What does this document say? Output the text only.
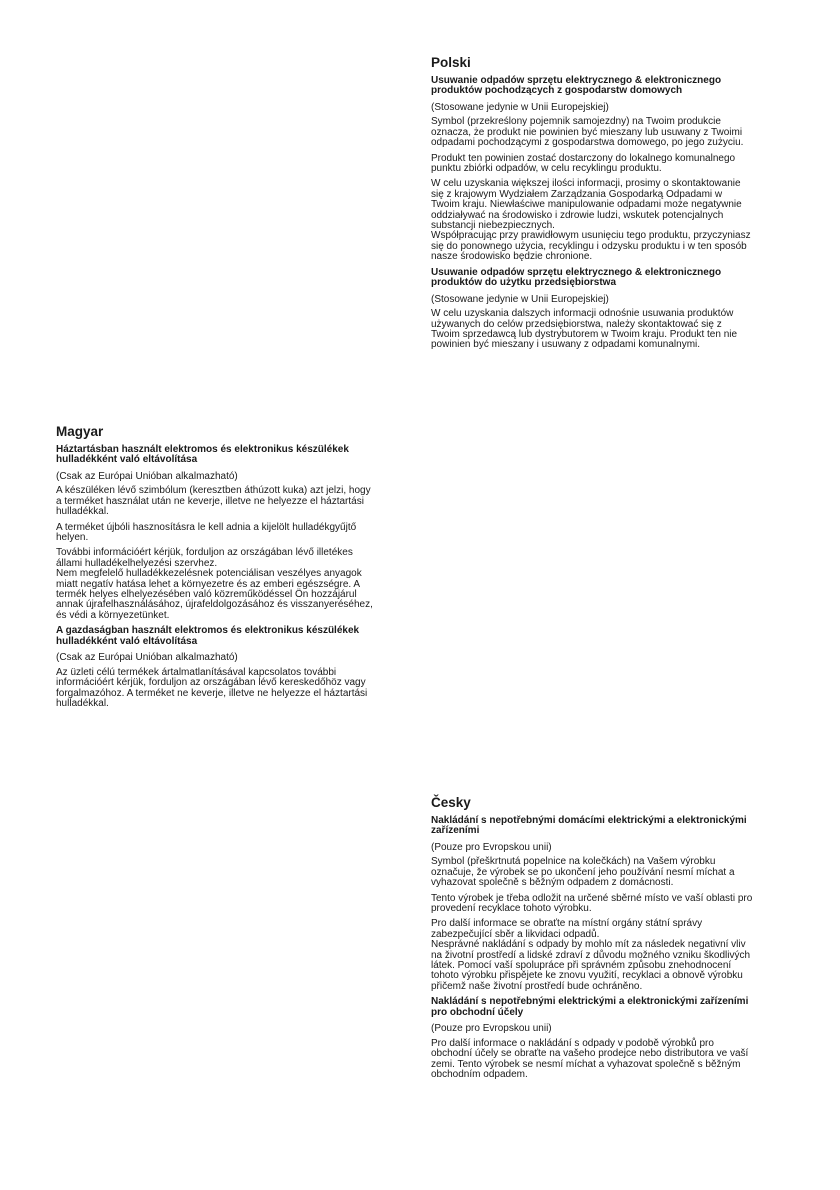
Polski

Usuwanie odpadów sprzętu elektrycznego & elektronicznego
produktów pochodzących z gospodarstw domowych

(Stosowane jedynie w Unii Europejskiej)

Symbol (przekreślony pojemnik samojezdny) na Twoim produkcie
oznacza, że produkt nie powinien być mieszany lub usuwany z Twoimi
odpadami pochodzącymi z gospodarstwa domowego, po jego zużyciu.

Produkt ten powinien zostać dostarczony do lokalnego komunalnego
punktu zbiórki odpadów, w celu recyklingu produktu.

W celu uzyskania większej ilości informacji, prosimy o skontaktowanie
się z krajowym Wydziałem Zarządzania Gospodarką Odpadami w
Twoim kraju. Niewłaściwe manipulowanie odpadami może negatywnie
oddziaływać na środowisko i zdrowie ludzi, wskutek potencjalnych
substancji niebezpiecznych.
Współpracując przy prawidłowym usunięciu tego produktu, przyczyniasz
się do ponownego użycia, recyklingu i odzysku produktu i w ten sposób
nasze środowisko będzie chronione.

Usuwanie odpadów sprzętu elektrycznego & elektronicznego
produktów do użytku przedsiębiorstwa

(Stosowane jedynie w Unii Europejskiej)

W celu uzyskania dalszych informacji odnośnie usuwania produktów
używanych do celów przedsiębiorstwa, należy skontaktować się z
Twoim sprzedawcą lub dystrybutorem w Twoim kraju. Produkt ten nie
powinien być mieszany i usuwany z odpadami komunalnymi.

Magyar

Háztartásban használt elektromos és elektronikus készülékek
hulladékként való eltávolítása

(Csak az Európai Unióban alkalmazható)

A készüléken lévő szimbólum (keresztben áthúzott kuka) azt jelzi, hogy
a terméket használat után ne keverje, illetve ne helyezze el háztartási
hulladékkal.

A terméket újbóli hasznosításra le kell adnia a kijelölt hulladékgyűjtő
helyen.

További információért kérjük, forduljon az országában lévő illetékes
állami hulladékelhelyezési szervhez.
Nem megfelelő hulladékkezelésnek potenciálisan veszélyes anyagok
miatt negatív hatása lehet a környezetre és az emberi egészségre. A
termék helyes elhelyezésében való közreműködéssel Ön hozzájárul
annak újrafelhasználásához, újrafeldolgozásához és visszanyeréséhez,
és védi a környezetünket.

A gazdaságban használt elektromos és elektronikus készülékek
hulladékként való eltávolítása

(Csak az Európai Unióban alkalmazható)

Az üzleti célú termékek ártalmatlanításával kapcsolatos további
információért kérjük, forduljon az országában lévő kereskedőhöz vagy
forgalmazóhoz. A terméket ne keverje, illetve ne helyezze el háztartási
hulladékkal.

Česky

Nakládání s nepotřebnými domácími elektrickými a elektronickými
zařízeními

(Pouze pro Evropskou unii)

Symbol (přeškrtnutá popelnice na kolečkách) na Vašem výrobku
označuje, že výrobek se po ukončení jeho používání nesmí míchat a
vyhazovat společně s běžným odpadem z domácnosti.

Tento výrobek je třeba odložit na určené sběrné místo ve vaší oblasti pro
provedení recyklace tohoto výrobku.

Pro další informace se obraťte na místní orgány státní správy
zabezpečující sběr a likvidaci odpadů.
Nesprávné nakládání s odpady by mohlo mít za následek negativní vliv
na životní prostředí a lidské zdraví z důvodu možného vzniku škodlivých
látek. Pomocí vaší spolupráce při správném způsobu znehodnocení
tohoto výrobku přispějete ke znovu využití, recyklaci a obnově výrobku
přičemž naše životní prostředí bude ochráněno.

Nakládání s nepotřebnými elektrickými a elektronickými zařízeními
pro obchodní účely

(Pouze pro Evropskou unii)

Pro další informace o nakládání s odpady v podobě výrobků pro
obchodní účely se obraťte na vašeho prodejce nebo distributora ve vaší
zemi. Tento výrobek se nesmí míchat a vyhazovat společně s běžným
obchodním odpadem.
